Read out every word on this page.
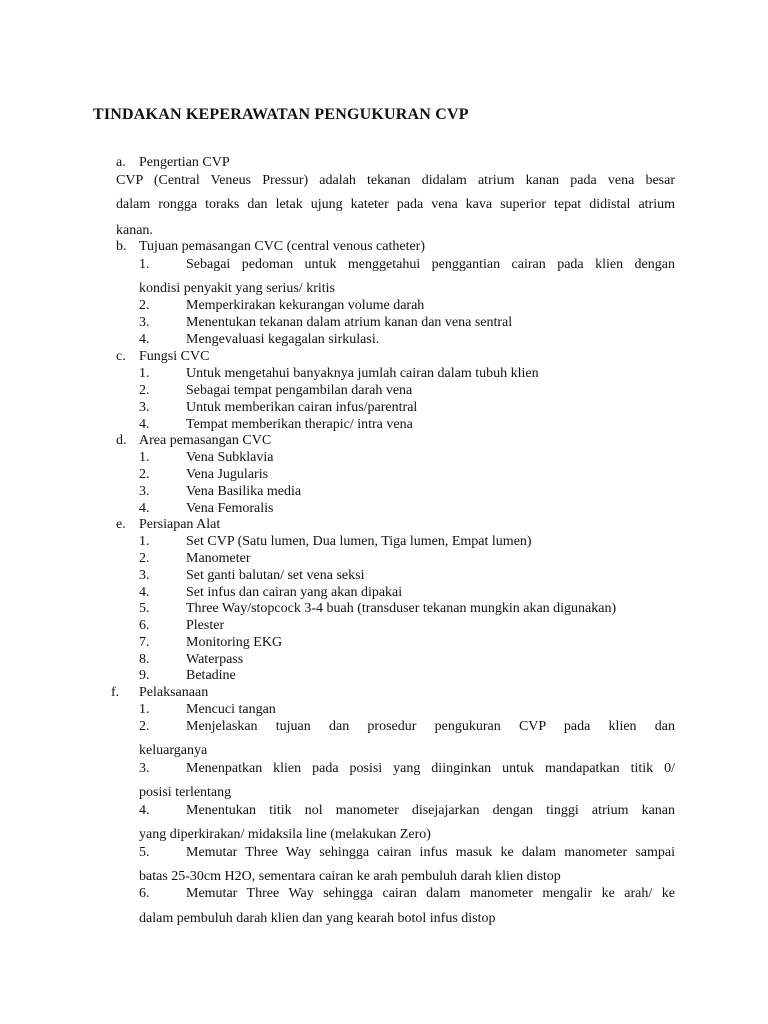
TINDAKAN KEPERAWATAN PENGUKURAN CVP
a. Pengertian CVP
CVP (Central Veneus Pressur) adalah tekanan didalam atrium kanan pada vena besar
dalam rongga toraks dan letak ujung kateter pada vena kava superior tepat didistal atrium
kanan.
b. Tujuan pemasangan CVC (central venous catheter)
1.	Sebagai pedoman untuk menggetahui penggantian cairan pada klien dengan
kondisi penyakit yang serius/ kritis
2.	Memperkirakan kekurangan volume darah
3.	Menentukan tekanan dalam atrium kanan dan vena sentral
4.	Mengevaluasi kegagalan sirkulasi.
c. Fungsi CVC
1.	Untuk mengetahui banyaknya jumlah cairan dalam tubuh klien
2.	Sebagai tempat pengambilan darah vena
3.	Untuk memberikan cairan infus/parentral
4.	Tempat memberikan therapic/ intra vena
d. Area pemasangan CVC
1.	Vena Subklavia
2.	Vena Jugularis
3.	Vena Basilika media
4.	Vena Femoralis
e. Persiapan Alat
1.	Set CVP (Satu lumen, Dua lumen, Tiga lumen, Empat lumen)
2.	Manometer
3.	Set ganti balutan/ set vena seksi
4.	Set infus dan cairan yang akan dipakai
5.	Three Way/stopcock 3-4 buah (transduser tekanan mungkin akan digunakan)
6.	Plester
7.	Monitoring EKG
8.	Waterpass
9.	Betadine
f. Pelaksanaan
1.	Mencuci tangan
2.	Menjelaskan tujuan dan prosedur pengukuran CVP pada klien dan
keluarganya
3.	Menenpatkan klien pada posisi yang diinginkan untuk mandapatkan titik 0/
posisi terlentang
4.	Menentukan titik nol manometer disejajarkan dengan tinggi atrium kanan
yang diperkirakan/ midaksila line (melakukan Zero)
5.	Memutar Three Way sehingga cairan infus masuk ke dalam manometer sampai
batas 25-30cm H2O, sementara cairan ke arah pembuluh darah klien distop
6.	Memutar Three Way sehingga cairan dalam manometer mengalir ke arah/ ke
dalam pembuluh darah klien dan yang kearah botol infus distop
